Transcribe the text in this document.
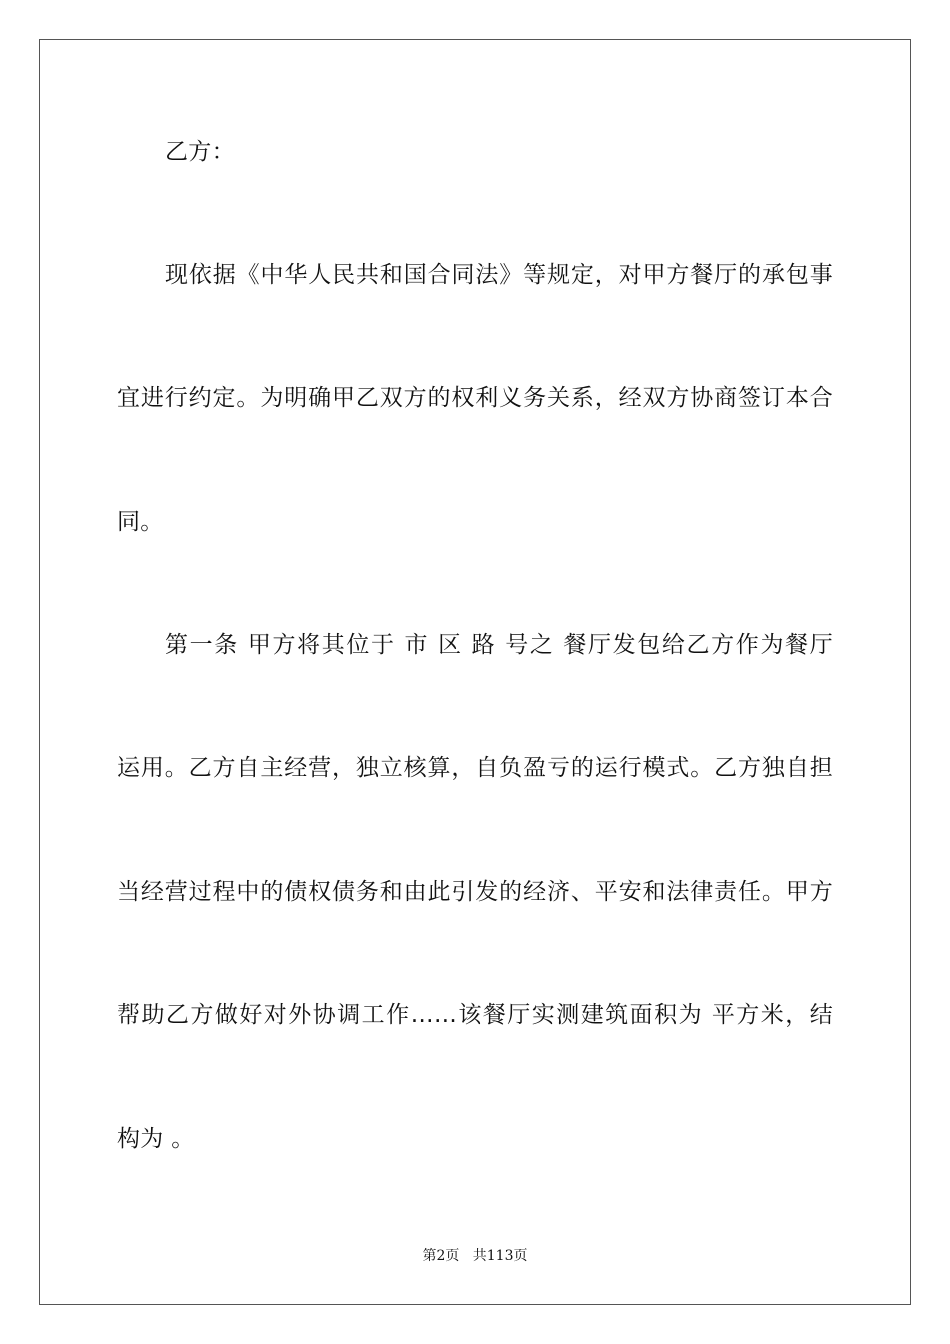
乙方：
现依据《中华人民共和国合同法》等规定，对甲方餐厅的承包事
宜进行约定。为明确甲乙双方的权利义务关系，经双方协商签订本合
同。
第一条 甲方将其位于 市 区 路 号之 餐厅发包给乙方作为餐厅
运用。乙方自主经营，独立核算，自负盈亏的运行模式。乙方独自担
当经营过程中的债权债务和由此引发的经济、平安和法律责任。甲方
帮助乙方做好对外协调工作……该餐厅实测建筑面积为 平方米，结
构为 。
第2页   共113页
